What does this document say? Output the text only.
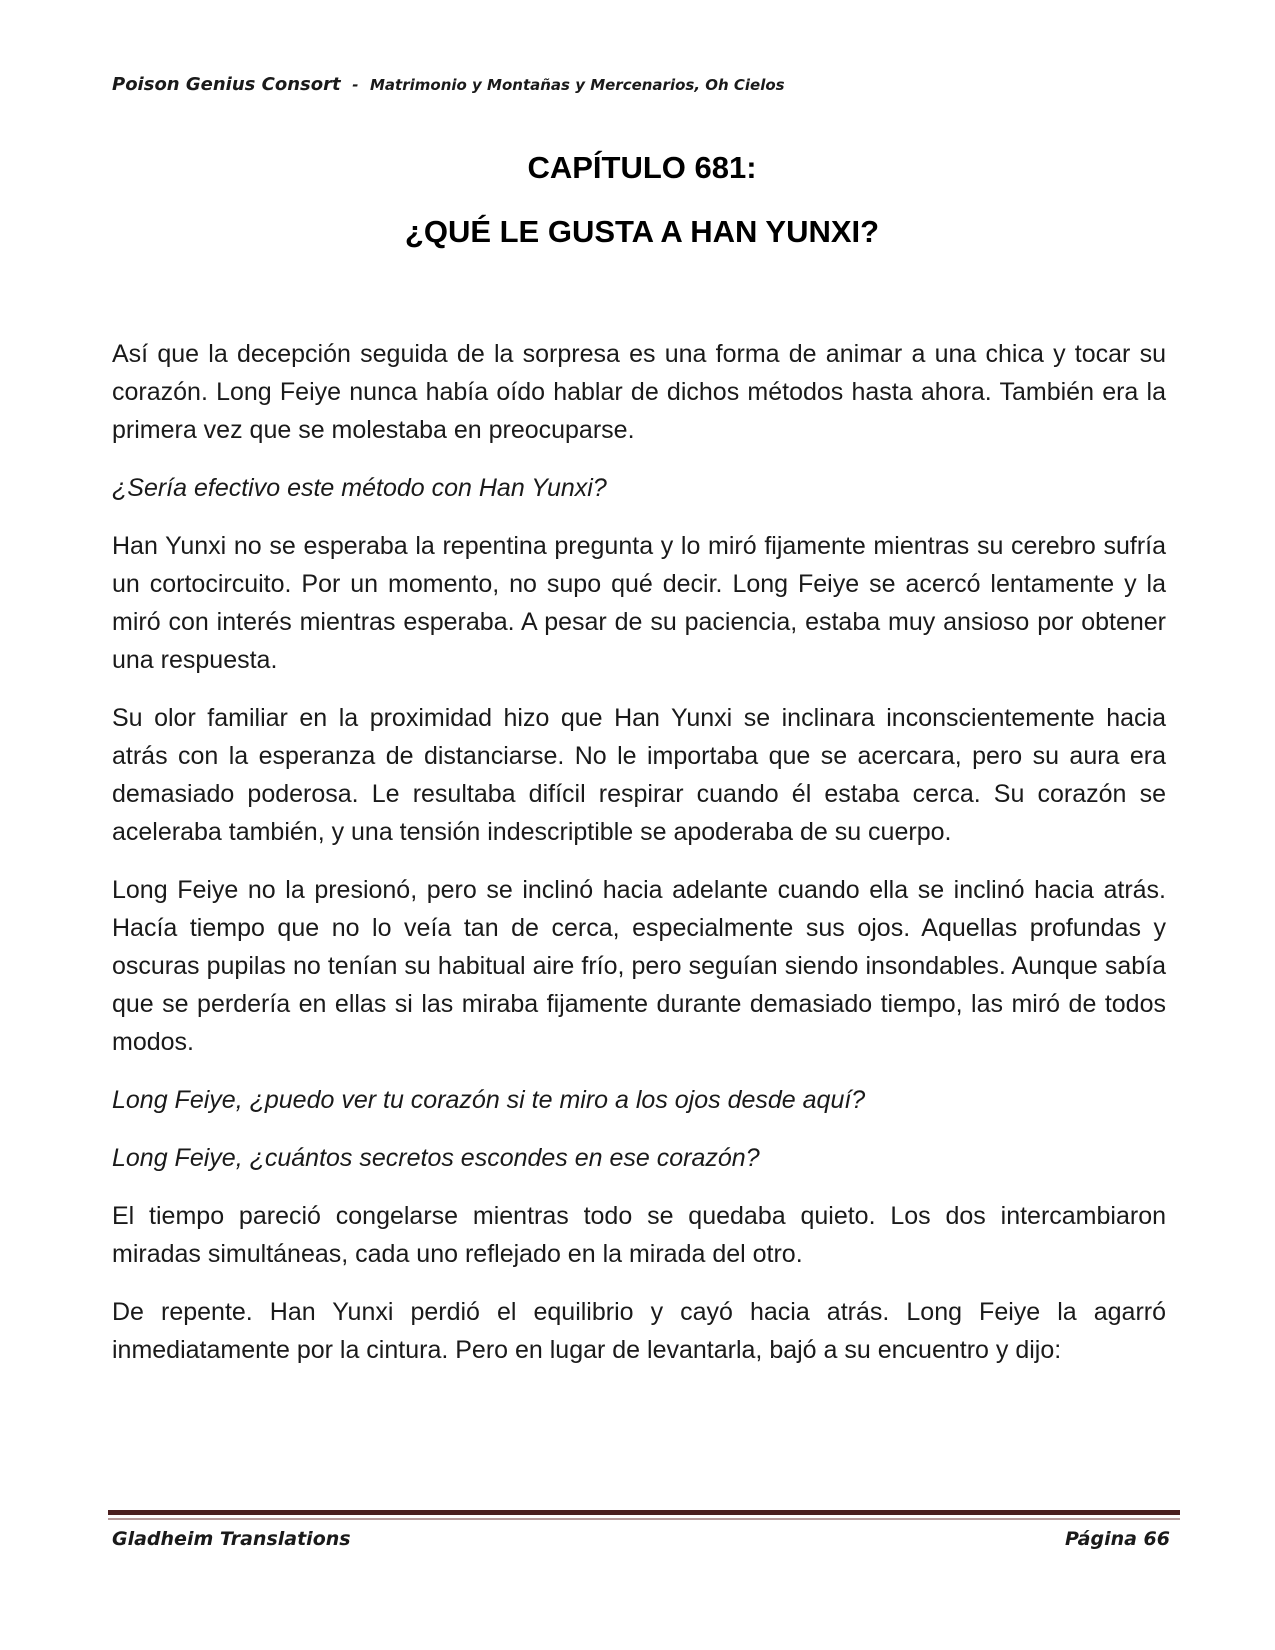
Poison Genius Consort - Matrimonio y Montañas y Mercenarios, Oh Cielos
CAPÍTULO 681:
¿QUÉ LE GUSTA A HAN YUNXI?

Así que la decepción seguida de la sorpresa es una forma de animar a una chica y tocar su corazón. Long Feiye nunca había oído hablar de dichos métodos hasta ahora. También era la primera vez que se molestaba en preocuparse.

¿Sería efectivo este método con Han Yunxi?

Han Yunxi no se esperaba la repentina pregunta y lo miró fijamente mientras su cerebro sufría un cortocircuito. Por un momento, no supo qué decir. Long Feiye se acercó lentamente y la miró con interés mientras esperaba. A pesar de su paciencia, estaba muy ansioso por obtener una respuesta.

Su olor familiar en la proximidad hizo que Han Yunxi se inclinara inconscientemente hacia atrás con la esperanza de distanciarse. No le importaba que se acercara, pero su aura era demasiado poderosa. Le resultaba difícil respirar cuando él estaba cerca. Su corazón se aceleraba también, y una tensión indescriptible se apoderaba de su cuerpo.

Long Feiye no la presionó, pero se inclinó hacia adelante cuando ella se inclinó hacia atrás. Hacía tiempo que no lo veía tan de cerca, especialmente sus ojos. Aquellas profundas y oscuras pupilas no tenían su habitual aire frío, pero seguían siendo insondables. Aunque sabía que se perdería en ellas si las miraba fijamente durante demasiado tiempo, las miró de todos modos.

Long Feiye, ¿puedo ver tu corazón si te miro a los ojos desde aquí?

Long Feiye, ¿cuántos secretos escondes en ese corazón?

El tiempo pareció congelarse mientras todo se quedaba quieto. Los dos intercambiaron miradas simultáneas, cada uno reflejado en la mirada del otro.

De repente. Han Yunxi perdió el equilibrio y cayó hacia atrás. Long Feiye la agarró inmediatamente por la cintura. Pero en lugar de levantarla, bajó a su encuentro y dijo:

Gladheim Translations	Página 66
